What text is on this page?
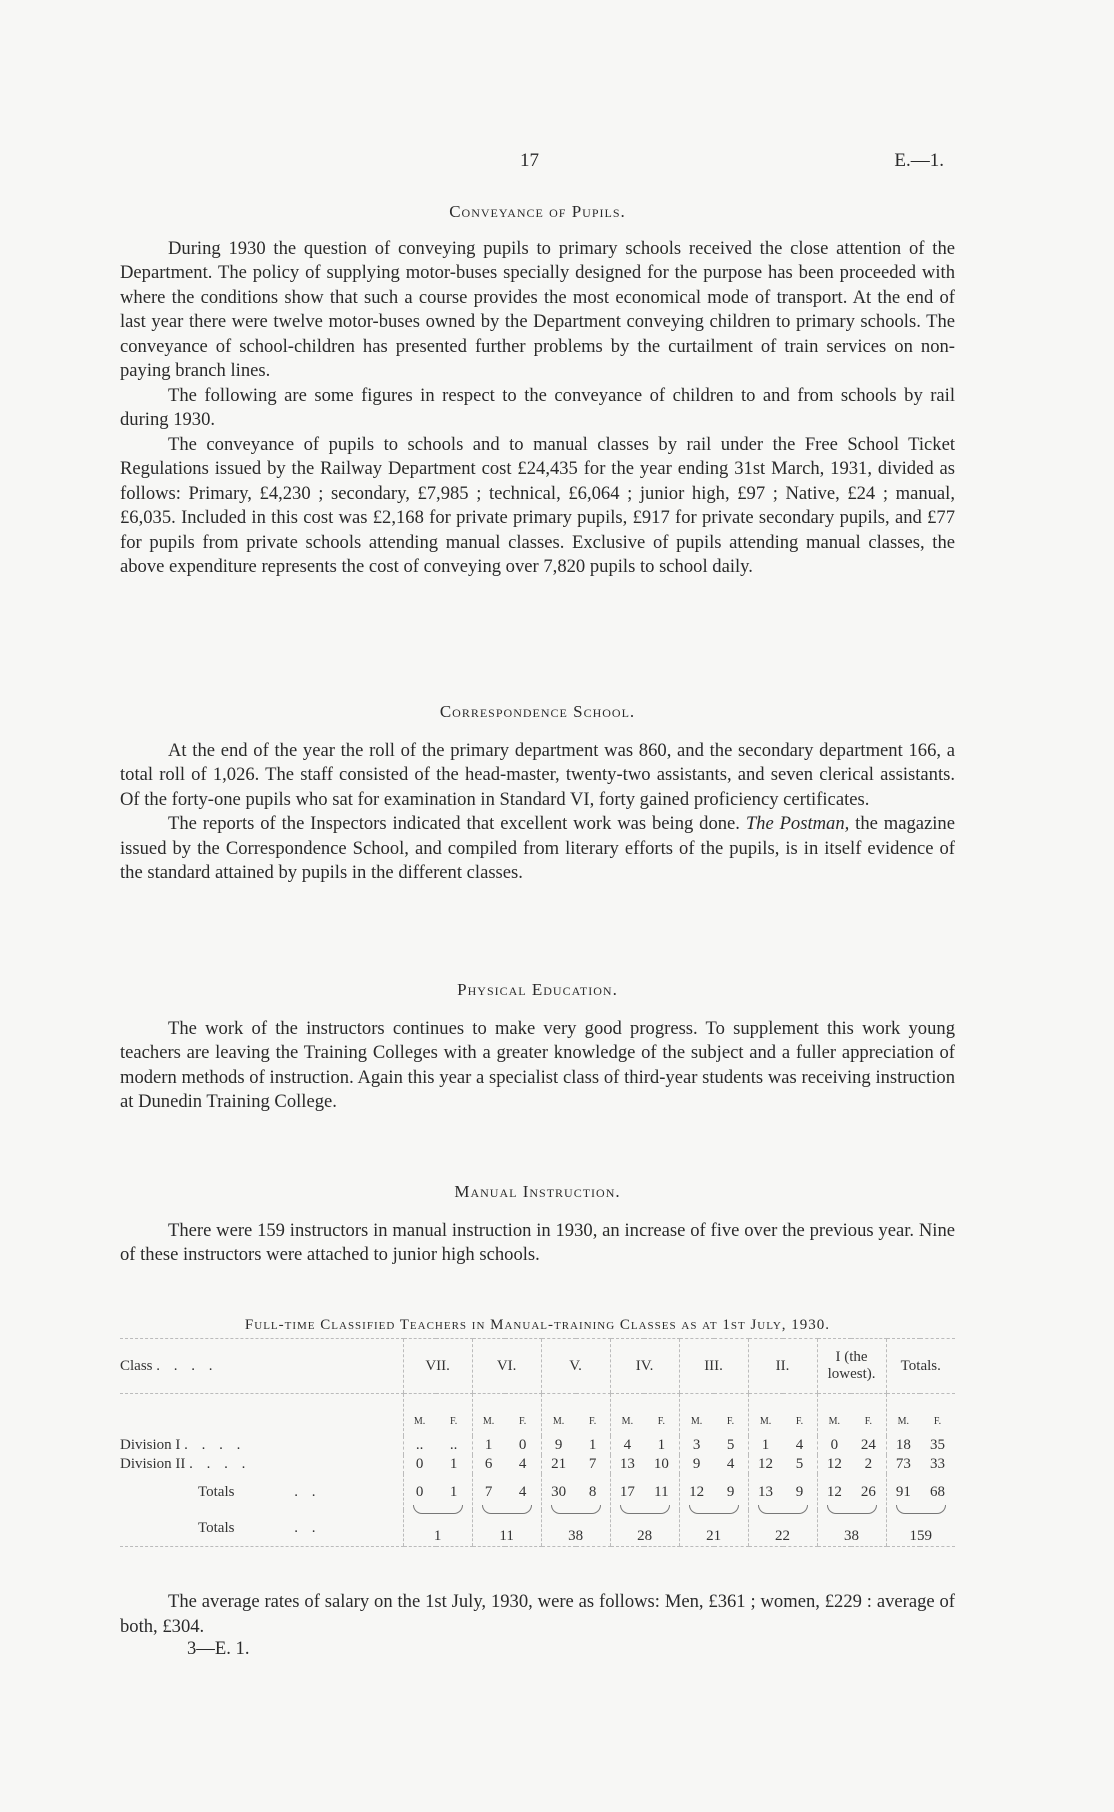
17	E.—1.
Conveyance of Pupils.

During 1930 the question of conveying pupils to primary schools received the close attention of the Department. The policy of supplying motor-buses specially designed for the purpose has been proceeded with where the conditions show that such a course provides the most economical mode of transport. At the end of last year there were twelve motor-buses owned by the Department conveying children to primary schools. The conveyance of school-children has presented further problems by the curtailment of train services on non-paying branch lines.

The following are some figures in respect to the conveyance of children to and from schools by rail during 1930.

The conveyance of pupils to schools and to manual classes by rail under the Free School Ticket Regulations issued by the Railway Department cost £24,435 for the year ending 31st March, 1931, divided as follows: Primary, £4,230 ; secondary, £7,985 ; technical, £6,064 ; junior high, £97 ; Native, £24 ; manual, £6,035. Included in this cost was £2,168 for private primary pupils, £917 for private secondary pupils, and £77 for pupils from private schools attending manual classes. Exclusive of pupils attending manual classes, the above expenditure represents the cost of conveying over 7,820 pupils to school daily.

Correspondence School.

At the end of the year the roll of the primary department was 860, and the secondary department 166, a total roll of 1,026. The staff consisted of the head-master, twenty-two assistants, and seven clerical assistants. Of the forty-one pupils who sat for examination in Standard VI, forty gained proficiency certificates.

The reports of the Inspectors indicated that excellent work was being done. The Postman, the magazine issued by the Correspondence School, and compiled from literary efforts of the pupils, is in itself evidence of the standard attained by pupils in the different classes.

Physical Education.

The work of the instructors continues to make very good progress. To supplement this work young teachers are leaving the Training Colleges with a greater knowledge of the subject and a fuller appreciation of modern methods of instruction. Again this year a specialist class of third-year students was receiving instruction at Dunedin Training College.

Manual Instruction.

There were 159 instructors in manual instruction in 1930, an increase of five over the previous year. Nine of these instructors were attached to junior high schools.

Full-time Classified Teachers in Manual-training Classes as at 1st July, 1930.
Class . . . .	VII.		VI.		V.		IV.		III.		II.		I (the lowest).		Totals.	
	M.	F.	M.	F.	M.	F.	M.	F.	M.	F.	M.	F.	M.	F.	M.	F.
Division I . . . .	..	..	1	0	9	1	4	1	3	5	1	4	0	24	18	35
Division II . . . .	0	1	6	4	21	7	13	10	9	4	12	5	12	2	73	33
Totals . .	0	1	7	4	30	8	17	11	12	9	13	9	12	26	91	68
Totals . .	1		11		38		28		21		22		38		159	

The average rates of salary on the 1st July, 1930, were as follows: Men, £361 ; women, £229 : average of both, £304.

3—E. 1.
